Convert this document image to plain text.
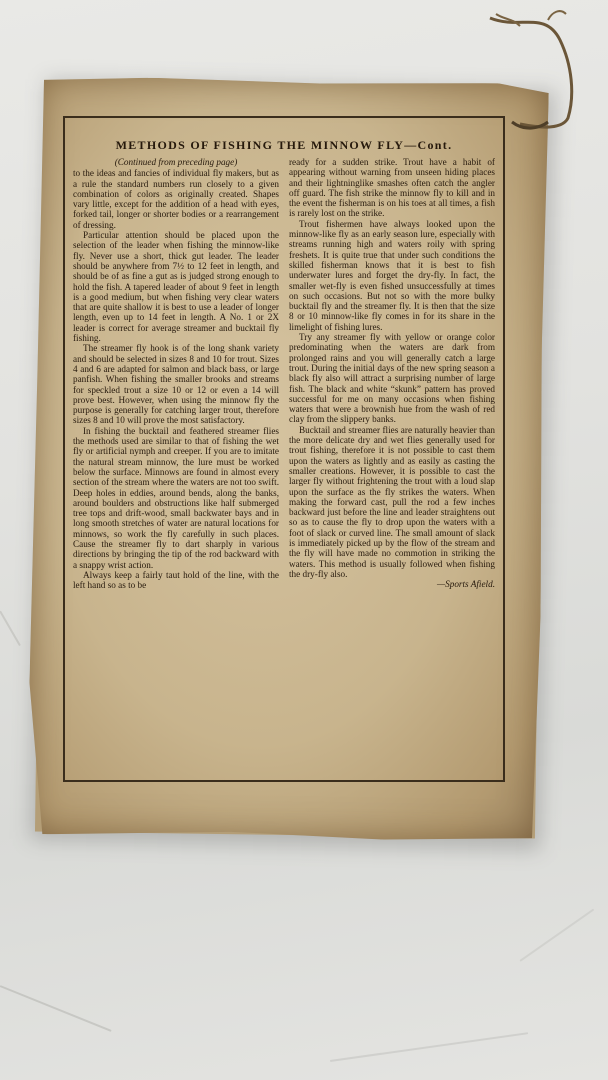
METHODS OF FISHING THE MINNOW FLY—Cont.

(Continued from preceding page)

to the ideas and fancies of individual fly makers, but as a rule the standard numbers run closely to a given combination of colors as originally created. Shapes vary little, except for the addition of a head with eyes, forked tail, longer or shorter bodies or a rearrangement of dressing.

Particular attention should be placed upon the selection of the leader when fishing the minnow-like fly. Never use a short, thick gut leader. The leader should be anywhere from 7½ to 12 feet in length, and should be of as fine a gut as is judged strong enough to hold the fish. A tapered leader of about 9 feet in length is a good medium, but when fishing very clear waters that are quite shallow it is best to use a leader of longer length, even up to 14 feet in length. A No. 1 or 2X leader is correct for average streamer and bucktail fly fishing.

The streamer fly hook is of the long shank variety and should be selected in sizes 8 and 10 for trout. Sizes 4 and 6 are adapted for salmon and black bass, or large panfish. When fishing the smaller brooks and streams for speckled trout a size 10 or 12 or even a 14 will prove best. However, when using the minnow fly the purpose is generally for catching larger trout, therefore sizes 8 and 10 will prove the most satisfactory.

In fishing the bucktail and feathered streamer flies the methods used are similar to that of fishing the wet fly or artificial nymph and creeper. If you are to imitate the natural stream minnow, the lure must be worked below the surface. Minnows are found in almost every section of the stream where the waters are not too swift. Deep holes in eddies, around bends, along the banks, around boulders and obstructions like half submerged tree tops and drift-wood, small backwater bays and in long smooth stretches of water are natural locations for minnows, so work the fly carefully in such places. Cause the streamer fly to dart sharply in various directions by bringing the tip of the rod backward with a snappy wrist action.

Always keep a fairly taut hold of the line, with the left hand so as to be

ready for a sudden strike. Trout have a habit of appearing without warning from unseen hiding places and their lightninglike smashes often catch the angler off guard. The fish strike the minnow fly to kill and in the event the fisherman is on his toes at all times, a fish is rarely lost on the strike.

Trout fishermen have always looked upon the minnow-like fly as an early season lure, especially with streams running high and waters roily with spring freshets. It is quite true that under such conditions the skilled fisherman knows that it is best to fish underwater lures and forget the dry-fly. In fact, the smaller wet-fly is even fished unsuccessfully at times on such occasions. But not so with the more bulky bucktail fly and the streamer fly. It is then that the size 8 or 10 minnow-like fly comes in for its share in the limelight of fishing lures.

Try any streamer fly with yellow or orange color predominating when the waters are dark from prolonged rains and you will generally catch a large trout. During the initial days of the new spring season a black fly also will attract a surprising number of large fish. The black and white “skunk” pattern has proved successful for me on many occasions when fishing waters that were a brownish hue from the wash of red clay from the slippery banks.

Bucktail and streamer flies are naturally heavier than the more delicate dry and wet flies generally used for trout fishing, therefore it is not possible to cast them upon the waters as lightly and as easily as casting the smaller creations. However, it is possible to cast the larger fly without frightening the trout with a loud slap upon the surface as the fly strikes the waters. When making the forward cast, pull the rod a few inches backward just before the line and leader straightens out so as to cause the fly to drop upon the waters with a foot of slack or curved line. The small amount of slack is immediately picked up by the flow of the stream and the fly will have made no commotion in striking the waters. This method is usually followed when fishing the dry-fly also.

—Sports Afield.
